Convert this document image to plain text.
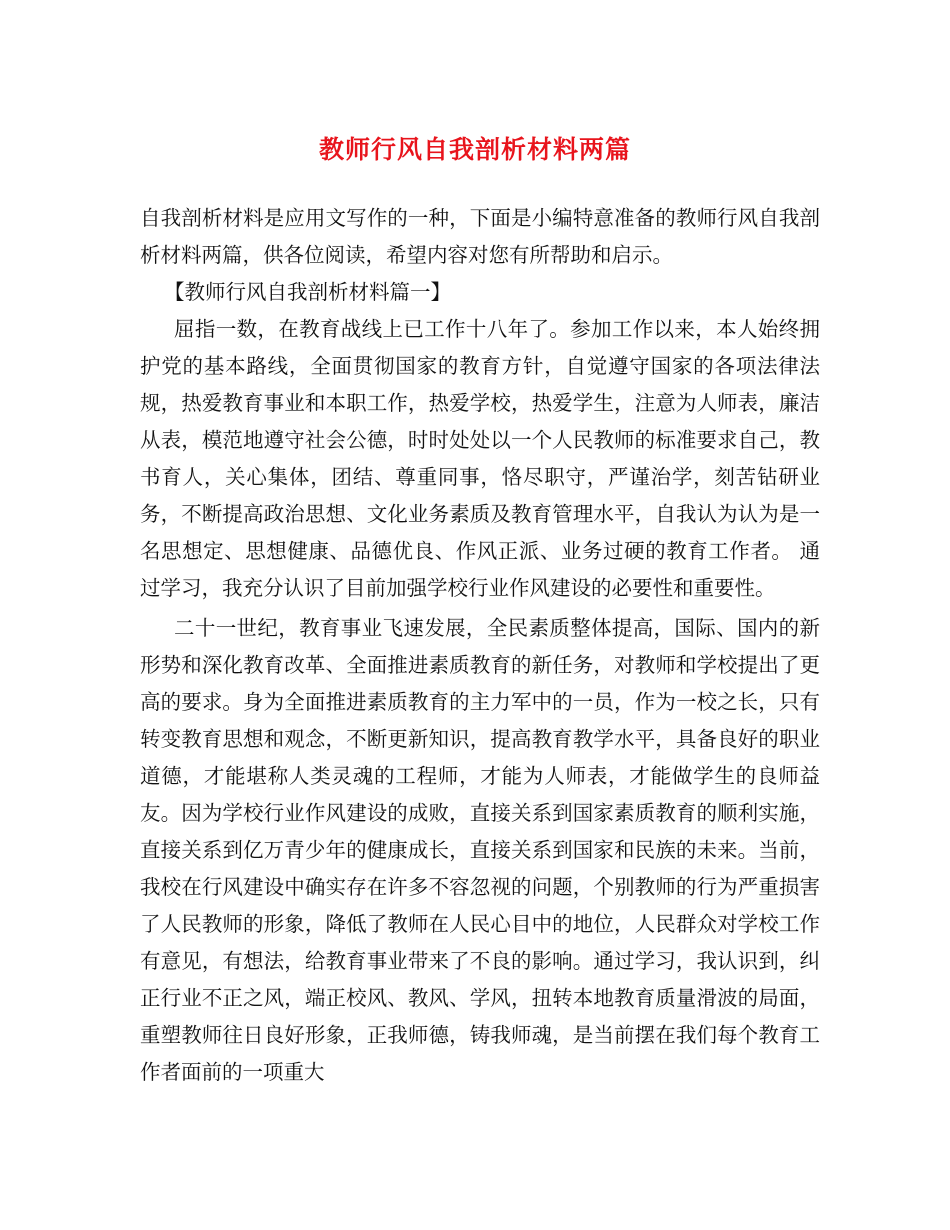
教师行风自我剖析材料两篇

自我剖析材料是应用文写作的一种，下面是小编特意准备的教师行风自我剖析材料两篇，供各位阅读，希望内容对您有所帮助和启示。

【教师行风自我剖析材料篇一】

屈指一数，在教育战线上已工作十八年了。参加工作以来，本人始终拥护党的基本路线，全面贯彻国家的教育方针，自觉遵守国家的各项法律法规，热爱教育事业和本职工作，热爱学校，热爱学生，注意为人师表，廉洁从表，模范地遵守社会公德，时时处处以一个人民教师的标准要求自己，教书育人，关心集体，团结、尊重同事，恪尽职守，严谨治学，刻苦钻研业务，不断提高政治思想、文化业务素质及教育管理水平，自我认为认为是一名思想定、思想健康、品德优良、作风正派、业务过硬的教育工作者。 通过学习，我充分认识了目前加强学校行业作风建设的必要性和重要性。

二十一世纪，教育事业飞速发展，全民素质整体提高，国际、国内的新形势和深化教育改革、全面推进素质教育的新任务，对教师和学校提出了更高的要求。身为全面推进素质教育的主力军中的一员，作为一校之长，只有转变教育思想和观念，不断更新知识，提高教育教学水平，具备良好的职业道德，才能堪称人类灵魂的工程师，才能为人师表，才能做学生的良师益友。因为学校行业作风建设的成败，直接关系到国家素质教育的顺利实施，直接关系到亿万青少年的健康成长，直接关系到国家和民族的未来。当前，我校在行风建设中确实存在许多不容忽视的问题，个别教师的行为严重损害了人民教师的形象，降低了教师在人民心目中的地位，人民群众对学校工作有意见，有想法，给教育事业带来了不良的影响。通过学习，我认识到，纠正行业不正之风，端正校风、教风、学风，扭转本地教育质量滑波的局面，重塑教师往日良好形象，正我师德，铸我师魂，是当前摆在我们每个教育工作者面前的一项重大
